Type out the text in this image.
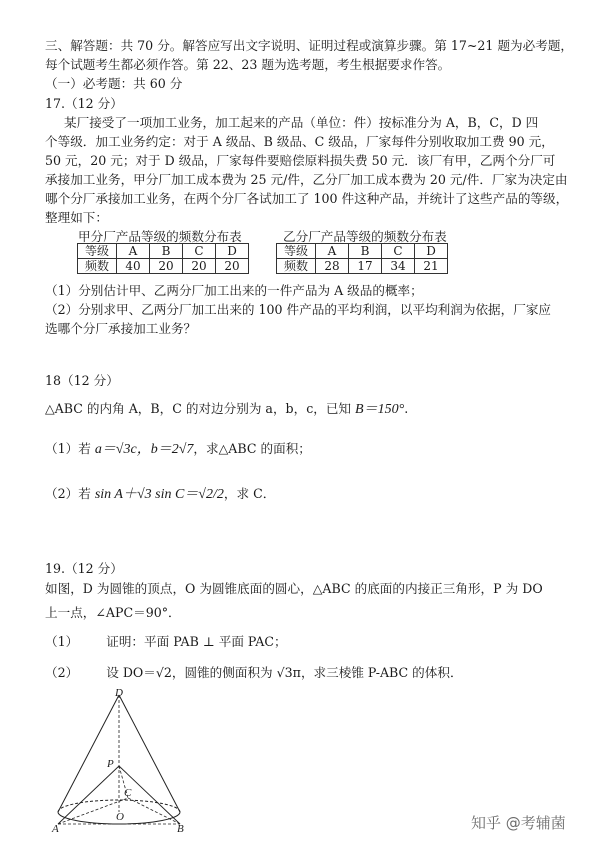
三、解答题：共 70 分。解答应写出文字说明、证明过程或演算步骤。第 17~21 题为必考题，
每个试题考生都必须作答。第 22、23 题为选考题，考生根据要求作答。
（一）必考题：共 60 分
17.（12 分）
某厂接受了一项加工业务，加工起来的产品（单位：件）按标准分为 A，B，C，D 四
个等级．加工业务约定：对于 A 级品、B 级品、C 级品，厂家每件分别收取加工费 90 元，
50 元，20 元；对于 D 级品，厂家每件要赔偿原料损失费 50 元．该厂有甲，乙两个分厂可
承接加工业务，甲分厂加工成本费为 25 元/件，乙分厂加工成本费为 20 元/件．厂家为决定由
哪个分厂承接加工业务，在两个分厂各试加工了 100 件这种产品，并统计了这些产品的等级，
整理如下：
甲分厂产品等级的频数分布表
等级	A	B	C	D
频数	40	20	20	20
乙分厂产品等级的频数分布表
等级	A	B	C	D
频数	28	17	34	21
（1）分别估计甲、乙两分厂加工出来的一件产品为 A 级品的概率；
（2）分别求甲、乙两分厂加工出来的 100 件产品的平均利润，以平均利润为依据，厂家应
选哪个分厂承接加工业务？
18（12 分）
△ABC 的内角 A，B，C 的对边分别为 a，b，c，已知 B＝150°.
（1）若 a＝√3c，b＝2√7，求△ABC 的面积；
（2）若 sin A＋√3 sin C＝√2/2，求 C．
19.（12 分）
如图，D 为圆锥的顶点，O 为圆锥底面的圆心，△ABC 的底面的内接正三角形，P 为 DO
上一点，∠APC＝90°．
（1） 证明：平面 PAB ⊥ 平面 PAC；
（2） 设 DO＝√2，圆锥的侧面积为 √3π，求三棱锥 P-ABC 的体积．
D
P
C
O
A	B	知乎 @考辅菌
